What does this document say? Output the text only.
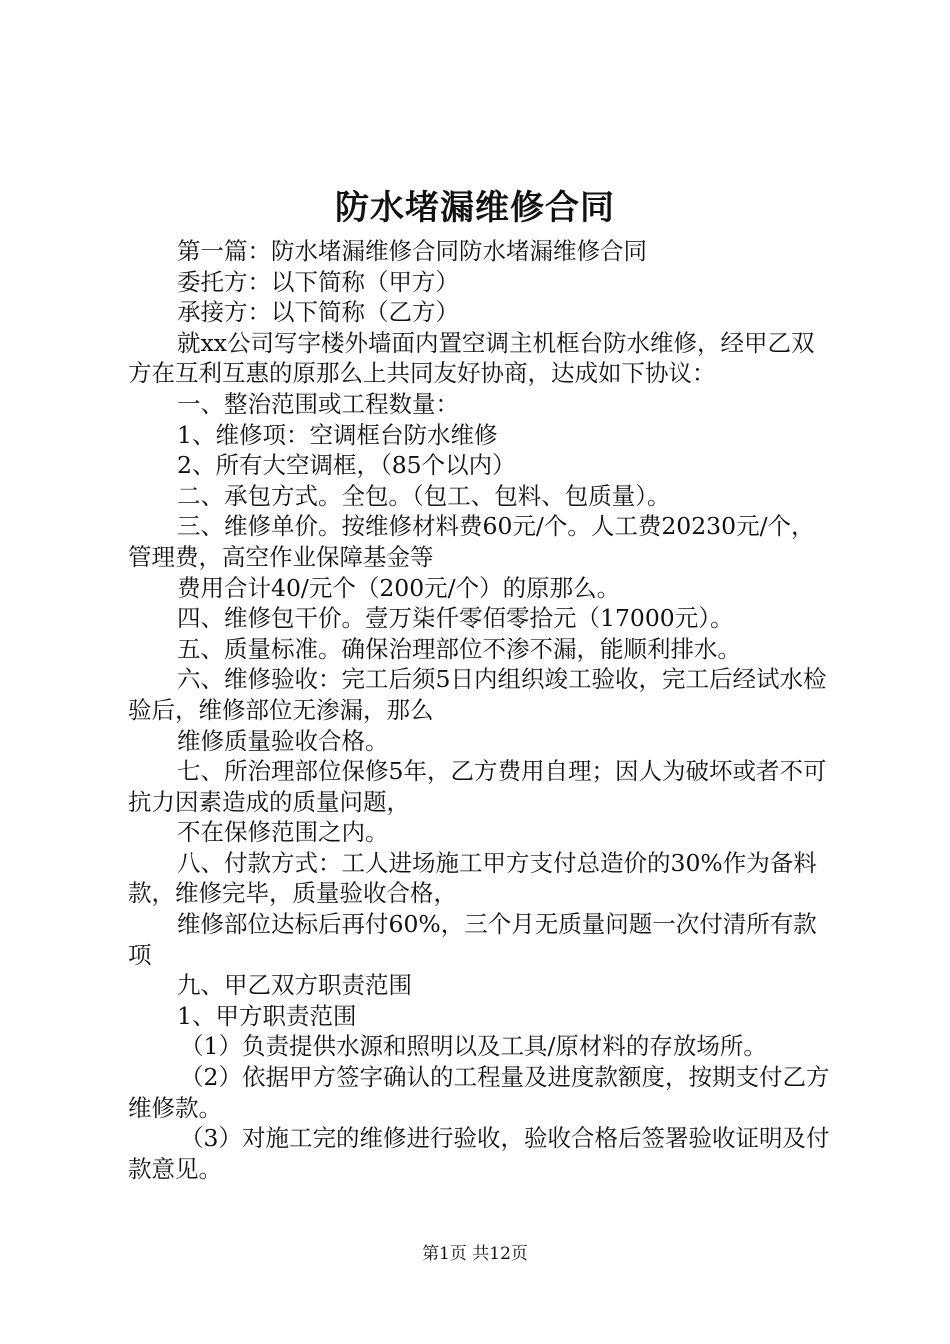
防水堵漏维修合同

第一篇：防水堵漏维修合同防水堵漏维修合同

委托方：以下简称（甲方）

承接方：以下简称（乙方）

就xx公司写字楼外墙面内置空调主机框台防水维修，经甲乙双方在互利互惠的原那么上共同友好协商，达成如下协议：

一、整治范围或工程数量：

1、维修项：空调框台防水维修

2、所有大空调框，（85个以内）

二、承包方式。全包。（包工、包料、包质量）。

三、维修单价。按维修材料费60元/个。人工费20230元/个，管理费，高空作业保障基金等

费用合计40/元个（200元/个）的原那么。

四、维修包干价。壹万柒仟零佰零拾元（17000元）。

五、质量标准。确保治理部位不渗不漏，能顺利排水。

六、维修验收：完工后须5日内组织竣工验收，完工后经试水检验后，维修部位无渗漏，那么

维修质量验收合格。

七、所治理部位保修5年，乙方费用自理；因人为破坏或者不可抗力因素造成的质量问题，

不在保修范围之内。

八、付款方式：工人进场施工甲方支付总造价的30%作为备料款，维修完毕，质量验收合格，

维修部位达标后再付60%，三个月无质量问题一次付清所有款项

九、甲乙双方职责范围

1、甲方职责范围

（1）负责提供水源和照明以及工具/原材料的存放场所。

（2）依据甲方签字确认的工程量及进度款额度，按期支付乙方维修款。

（3）对施工完的维修进行验收，验收合格后签署验收证明及付款意见。

第1页 共12页
